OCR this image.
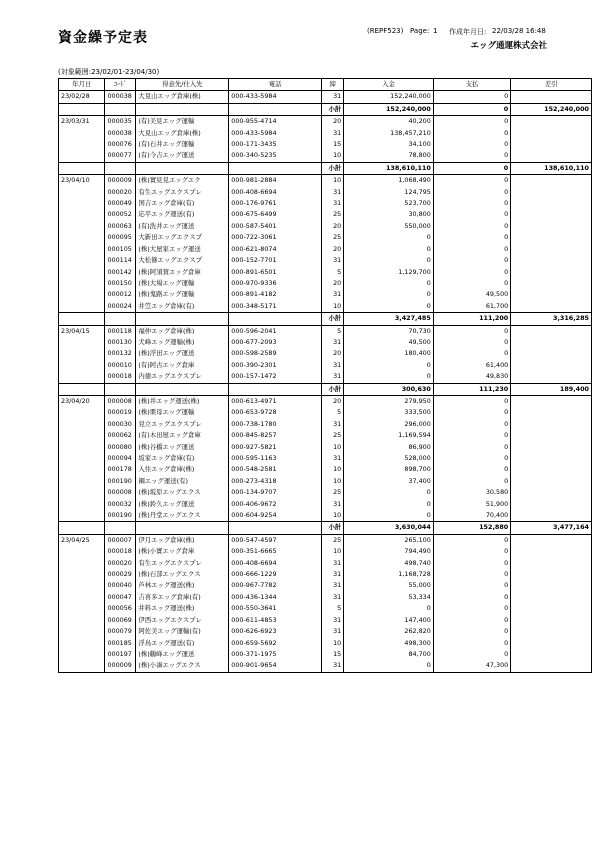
資金繰予定表	(REPF523) Page: 1 作成年月日: 22/03/28 16:48
エッグ通運株式会社
(対象範囲:23/02/01-23/04/30)
年月日	ｺｰﾄﾞ	得意先/仕入先	電話	締	入金	支払	差引
23/02/28	000038	大見山エッグ倉庫(株)	000-433-5984	31	152,240,000	0	
				小計	152,240,000	0	152,240,000
23/03/31	000035	(有)美見エッグ運輸	000-955-4714	20	40,200	0	
	000038	大見山エッグ倉庫(株)	000-433-5984	31	138,457,210	0	
	000076	(有)石井エッグ運輸	000-171-3435	15	34,100	0	
	000077	(有)今吉エッグ運送	000-340-5235	10	78,800	0	
				小計	138,610,110	0	138,610,110
23/04/10	000009	(株)實見見エッグエク	000-981-2884	10	1,068,490	0	
	000020	有生エッグエクスプレ	000-408-6694	31	124,795	0	
	000049	国吉エッグ倉庫(有)	000-176-9761	31	523,700	0	
	000052	応平エッグ運送(有)	000-675-6499	25	30,800	0	
	000063	(有)洗井エッグ運送	000-587-5401	20	550,000	0	
	000095	大新田エッグエクスプ	000-722-3061	25	0	0	
	000105	(株)大屋家エッグ運送	000-621-8074	20	0	0	
	000114	大松篠エッグエクスプ	000-152-7701	31	0	0	
	000142	(株)阿須賀エッグ倉庫	000-891-6501	5	1,129,700	0	
	000150	(株)大場エッグ運輸	000-970-9336	20	0	0	
	000012	(株)鬼路エッグ運輸	000-891-4182	31	0	49,500	
	000024	井笠エッグ倉庫(有)	000-348-5171	10	0	61,700	
				小計	3,427,485	111,200	3,316,285
23/04/15	000118	福仲エッグ倉庫(株)	000-596-2041	5	70,730	0	
	000130	犬峰エッグ運輸(株)	000-677-2093	31	49,500	0	
	000132	(株)浮田エッグ運送	000-598-2589	20	180,400	0	
	000010	(有)阿古エッグ倉庫	000-390-2301	31	0	61,400	
	000018	内徳エッグエクスプレ	000-157-1472	31	0	49,830	
				小計	300,630	111,230	189,400
23/04/20	000008	(株)井エッグ運送(株)	000-613-4971	20	279,950	0	
	000019	(株)栗母エッグ運輸	000-653-9728	5	333,500	0	
	000030	見立エッグエクスプレ	000-738-1780	31	296,000	0	
	000062	(有)木田屋エッグ倉庫	000-845-8257	25	1,169,594	0	
	000080	(株)谷橋エッグ運送	000-927-5821	10	86,900	0	
	000094	坂家エッグ倉庫(有)	000-595-1163	31	528,000	0	
	000178	入住エッグ倉庫(株)	000-548-2581	10	898,700	0	
	000190	鋼エッグ運送(有)	000-273-4318	10	37,400	0	
	000008	(株)坂原エッグエクス	000-134-9707	25	0	30,580	
	000032	(株)鈴久エッグ運送	000-406-9672	31	0	51,900	
	000190	(株)丹堂エッグエクス	000-604-9254	10	0	70,400	
				小計	3,630,044	152,880	3,477,164
23/04/25	000007	伊月エッグ倉庫(株)	000-547-4597	25	265,100	0	
	000018	(株)小實エッグ倉庫	000-351-6665	10	794,490	0	
	000020	有生エッグエクスプレ	000-408-6694	31	498,740	0	
	000029	(株)石部エッグエクス	000-666-1229	31	1,168,728	0	
	000040	芦林エッグ運送(株)	000-967-7782	31	55,000	0	
	000047	吉喜多エッグ倉庫(有)	000-436-1344	31	53,334	0	
	000056	井料エッグ運送(株)	000-550-3641	5	0	0	
	000069	伊西エッグエクスプレ	000-611-4853	31	147,400	0	
	000079	阿佐美エッグ運輸(有)	000-626-6923	31	262,820	0	
	000185	浮鳥エッグ運送(有)	000-659-5692	10	498,300	0	
	000197	(株)鶴峰エッグ運送	000-371-1975	15	84,700	0	
	000009	(株)小湊エッグエクス	000-901-9654	31	0	47,300	
